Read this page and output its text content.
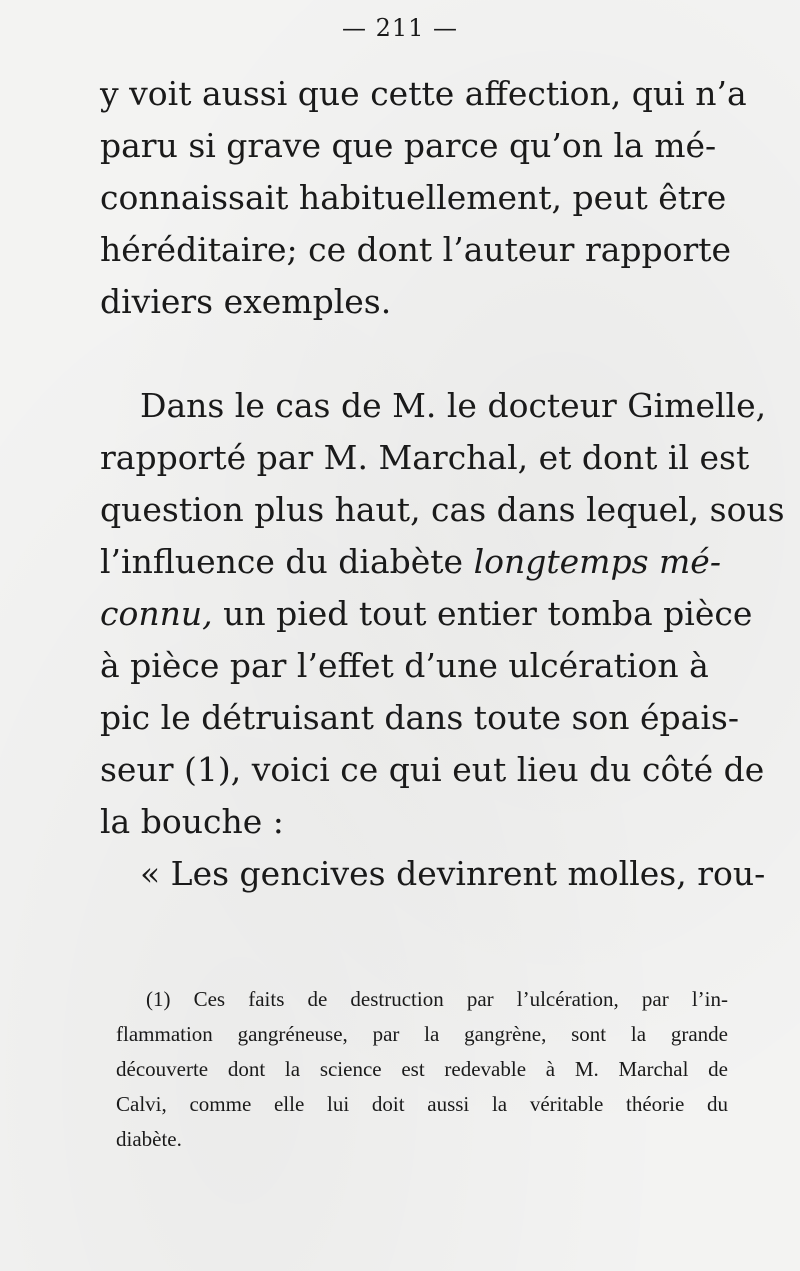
— 211 —
y voit aussi que cette affection, qui n’a
paru si grave que parce qu’on la mé-
connaissait habituellement, peut être
héréditaire; ce dont l’auteur rapporte
diviers exemples.
Dans le cas de M. le docteur Gimelle,
rapporté par M. Marchal, et dont il est
question plus haut, cas dans lequel, sous
l’influence du diabète longtemps mé-
connu, un pied tout entier tomba pièce
à pièce par l’effet d’une ulcération à
pic le détruisant dans toute son épais-
seur (1), voici ce qui eut lieu du côté de
la bouche :
« Les gencives devinrent molles, rou-
(1) Ces faits de destruction par l’ulcération, par l’in-
flammation gangréneuse, par la gangrène, sont la grande
découverte dont la science est redevable à M. Marchal de
Calvi, comme elle lui doit aussi la véritable théorie du
diabète.
